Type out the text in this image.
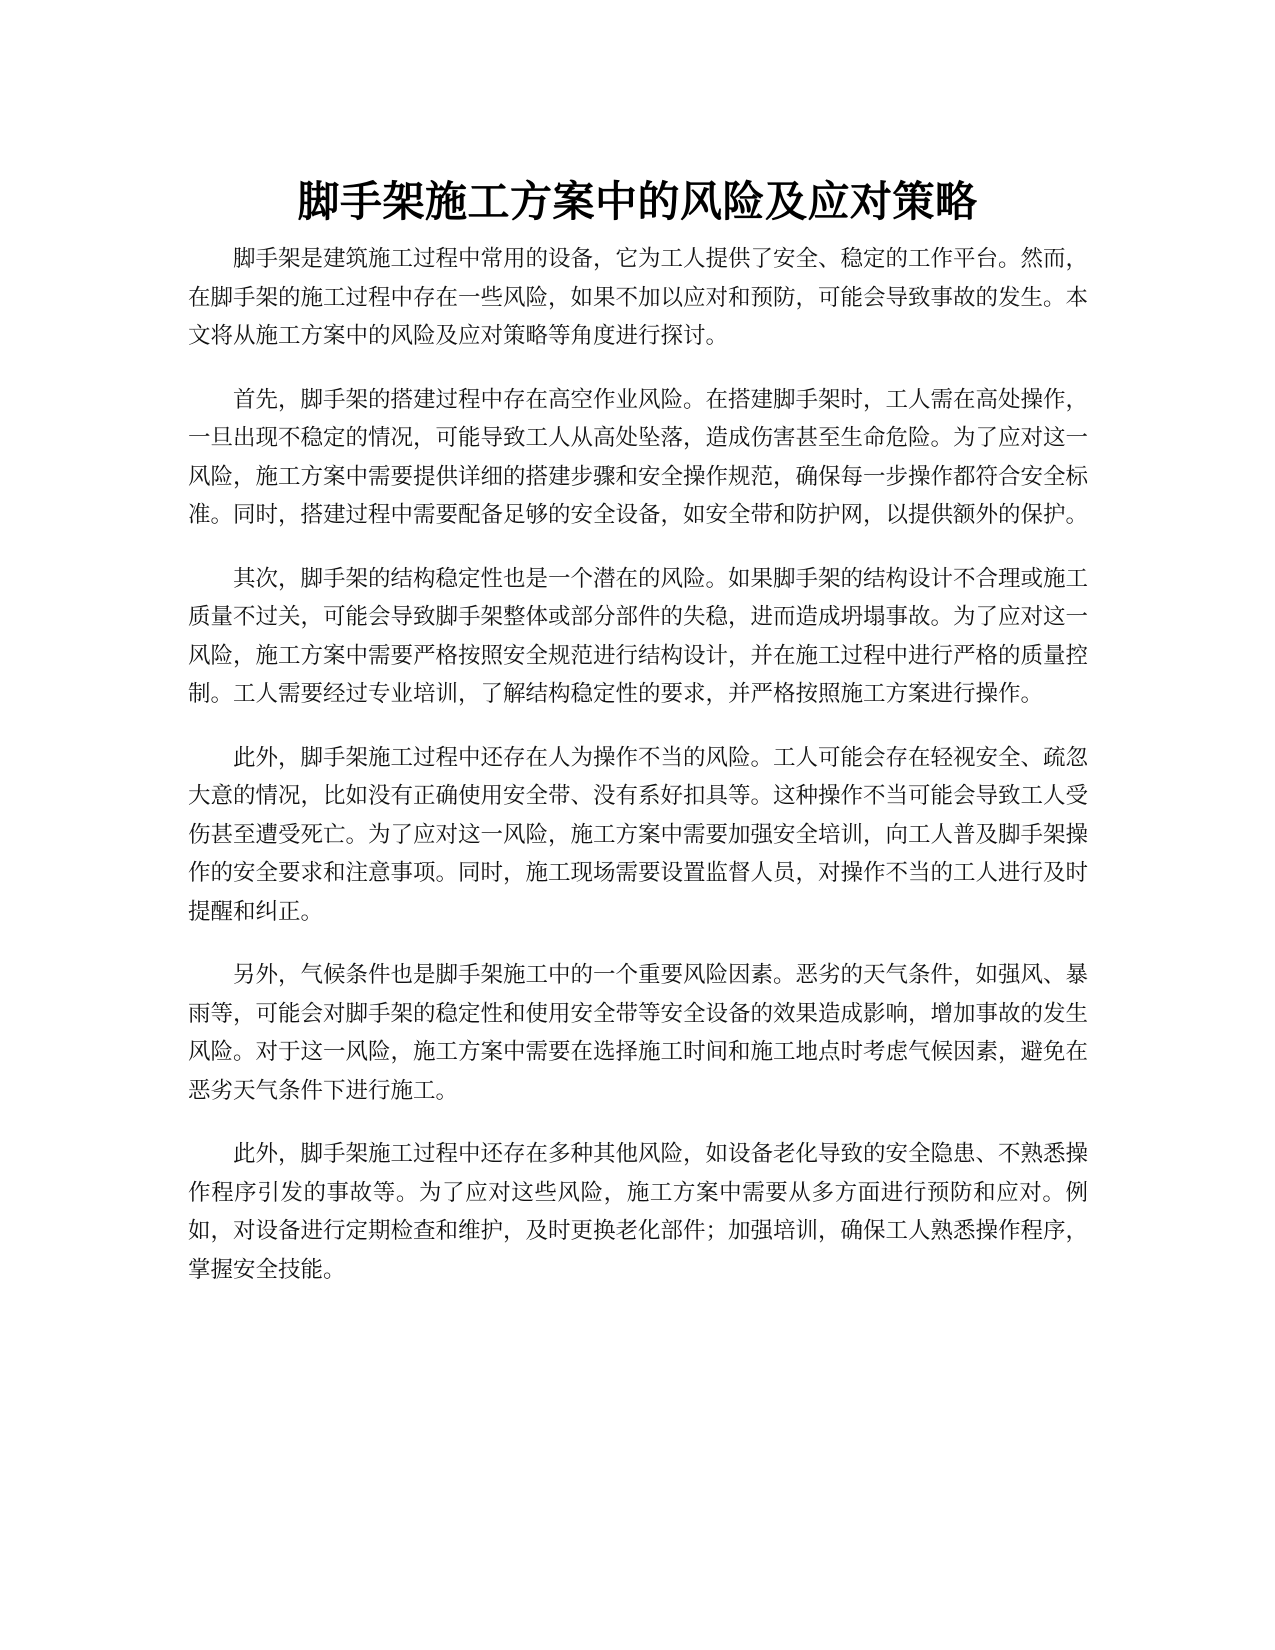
脚手架施工方案中的风险及应对策略

脚手架是建筑施工过程中常用的设备，它为工人提供了安全、稳定的工作平台。然而，在脚手架的施工过程中存在一些风险，如果不加以应对和预防，可能会导致事故的发生。本文将从施工方案中的风险及应对策略等角度进行探讨。

首先，脚手架的搭建过程中存在高空作业风险。在搭建脚手架时，工人需在高处操作，一旦出现不稳定的情况，可能导致工人从高处坠落，造成伤害甚至生命危险。为了应对这一风险，施工方案中需要提供详细的搭建步骤和安全操作规范，确保每一步操作都符合安全标准。同时，搭建过程中需要配备足够的安全设备，如安全带和防护网，以提供额外的保护。

其次，脚手架的结构稳定性也是一个潜在的风险。如果脚手架的结构设计不合理或施工质量不过关，可能会导致脚手架整体或部分部件的失稳，进而造成坍塌事故。为了应对这一风险，施工方案中需要严格按照安全规范进行结构设计，并在施工过程中进行严格的质量控制。工人需要经过专业培训，了解结构稳定性的要求，并严格按照施工方案进行操作。

此外，脚手架施工过程中还存在人为操作不当的风险。工人可能会存在轻视安全、疏忽大意的情况，比如没有正确使用安全带、没有系好扣具等。这种操作不当可能会导致工人受伤甚至遭受死亡。为了应对这一风险，施工方案中需要加强安全培训，向工人普及脚手架操作的安全要求和注意事项。同时，施工现场需要设置监督人员，对操作不当的工人进行及时提醒和纠正。

另外，气候条件也是脚手架施工中的一个重要风险因素。恶劣的天气条件，如强风、暴雨等，可能会对脚手架的稳定性和使用安全带等安全设备的效果造成影响，增加事故的发生风险。对于这一风险，施工方案中需要在选择施工时间和施工地点时考虑气候因素，避免在恶劣天气条件下进行施工。

此外，脚手架施工过程中还存在多种其他风险，如设备老化导致的安全隐患、不熟悉操作程序引发的事故等。为了应对这些风险，施工方案中需要从多方面进行预防和应对。例如，对设备进行定期检查和维护，及时更换老化部件；加强培训，确保工人熟悉操作程序，掌握安全技能。
